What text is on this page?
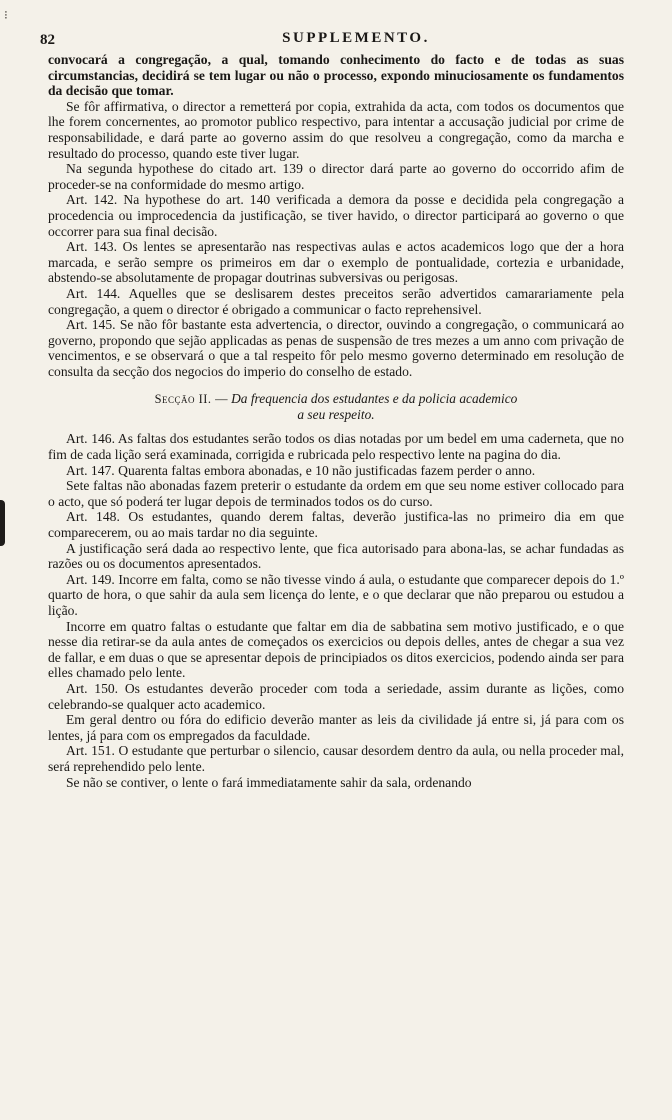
⁝
82	SUPPLEMENTO.

convocará a congregação, a qual, tomando conhecimento do facto e de todas as suas circumstancias, decidirá se tem lugar ou não o processo, expondo minuciosamente os fundamentos da decisão que tomar.

Se fôr affirmativa, o director a remetterá por copia, extrahida da acta, com todos os documentos que lhe forem concernentes, ao promotor publico respectivo, para intentar a accusação judicial por crime de responsabilidade, e dará parte ao governo assim do que resolveu a congregação, como da marcha e resultado do processo, quando este tiver lugar.

Na segunda hypothese do citado art. 139 o director dará parte ao governo do occorrido afim de proceder-se na conformidade do mesmo artigo.

Art. 142. Na hypothese do art. 140 verificada a demora da posse e decidida pela congregação a procedencia ou improcedencia da justificação, se tiver havido, o director participará ao governo o que occorrer para sua final decisão.

Art. 143. Os lentes se apresentarão nas respectivas aulas e actos academicos logo que der a hora marcada, e serão sempre os primeiros em dar o exemplo de pontualidade, cortezia e urbanidade, abstendo-se absolutamente de propagar doutrinas subversivas ou perigosas.

Art. 144. Aquelles que se deslisarem destes preceitos serão advertidos camarariamente pela congregação, a quem o director é obrigado a communicar o facto reprehensivel.

Art. 145. Se não fôr bastante esta advertencia, o director, ouvindo a congregação, o communicará ao governo, propondo que sejão applicadas as penas de suspensão de tres mezes a um anno com privação de vencimentos, e se observará o que a tal respeito fôr pelo mesmo governo determinado em resolução de consulta da secção dos negocios do imperio do conselho de estado.

Secção II. — Da frequencia dos estudantes e da policia academico
a seu respeito.

Art. 146. As faltas dos estudantes serão todos os dias notadas por um bedel em uma caderneta, que no fim de cada lição será examinada, corrigida e rubricada pelo respectivo lente na pagina do dia.

Art. 147. Quarenta faltas embora abonadas, e 10 não justificadas fazem perder o anno.

Sete faltas não abonadas fazem preterir o estudante da ordem em que seu nome estiver collocado para o acto, que só poderá ter lugar depois de terminados todos os do curso.

Art. 148. Os estudantes, quando derem faltas, deverão justifica-las no primeiro dia em que comparecerem, ou ao mais tardar no dia seguinte.

A justificação será dada ao respectivo lente, que fica autorisado para abona-las, se achar fundadas as razões ou os documentos apresentados.

Art. 149. Incorre em falta, como se não tivesse vindo á aula, o estudante que comparecer depois do 1.º quarto de hora, o que sahir da aula sem licença do lente, e o que declarar que não preparou ou estudou a lição.

Incorre em quatro faltas o estudante que faltar em dia de sabbatina sem motivo justificado, e o que nesse dia retirar-se da aula antes de começados os exercicios ou depois delles, antes de chegar a sua vez de fallar, e em duas o que se apresentar depois de principiados os ditos exercicios, podendo ainda ser para elles chamado pelo lente.

Art. 150. Os estudantes deverão proceder com toda a seriedade, assim durante as lições, como celebrando-se qualquer acto academico.

Em geral dentro ou fóra do edificio deverão manter as leis da civilidade já entre si, já para com os lentes, já para com os empregados da faculdade.

Art. 151. O estudante que perturbar o silencio, causar desordem dentro da aula, ou nella proceder mal, será reprehendido pelo lente.

Se não se contiver, o lente o fará immediatamente sahir da sala, ordenando
